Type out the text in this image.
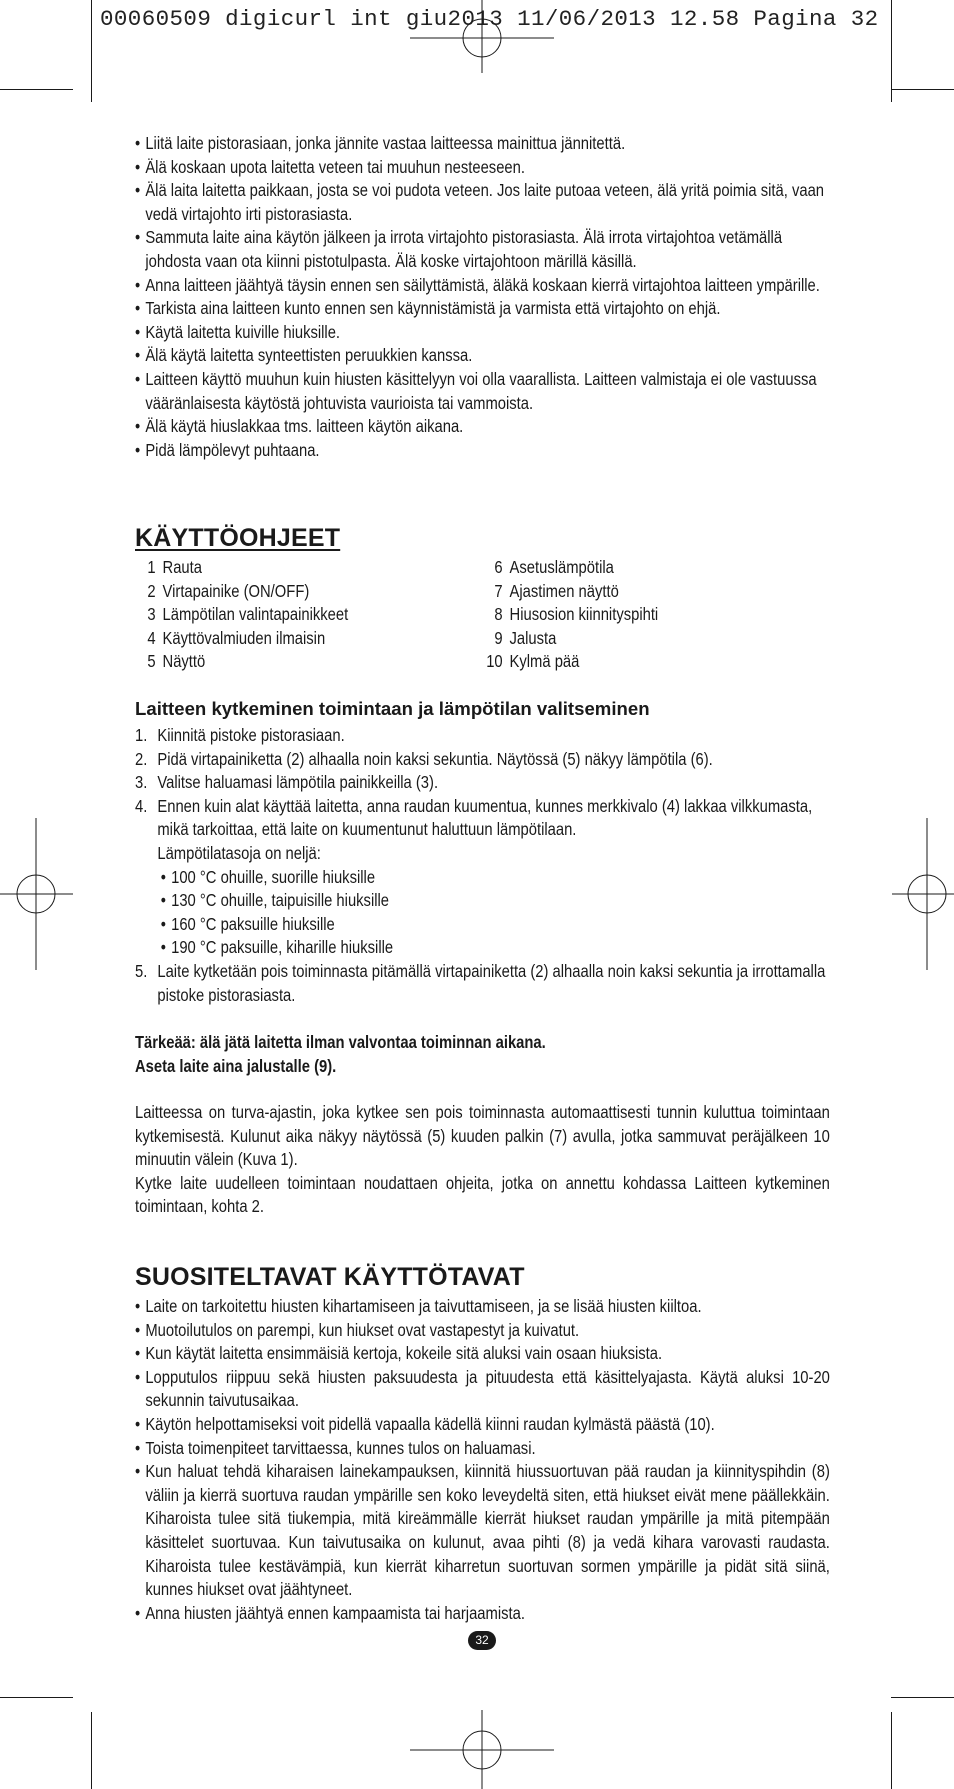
00060509 digicurl int giu2013 11/06/2013 12.58 Pagina 32
• Liitä laite pistorasiaan, jonka jännite vastaa laitteessa mainittua jännitettä.
• Älä koskaan upota laitetta veteen tai muuhun nesteeseen.
• Älä laita laitetta paikkaan, josta se voi pudota veteen. Jos laite putoaa veteen, älä yritä poimia sitä, vaan vedä virtajohto irti pistorasiasta.
• Sammuta laite aina käytön jälkeen ja irrota virtajohto pistorasiasta. Älä irrota virtajohtoa vetämällä johdosta vaan ota kiinni pistotulpasta. Älä koske virtajohtoon märillä käsillä.
• Anna laitteen jäähtyä täysin ennen sen säilyttämistä, äläkä koskaan kierrä virtajohtoa laitteen ympärille.
• Tarkista aina laitteen kunto ennen sen käynnistämistä ja varmista että virtajohto on ehjä.
• Käytä laitetta kuiville hiuksille.
• Älä käytä laitetta synteettisten peruukkien kanssa.
• Laitteen käyttö muuhun kuin hiusten käsittelyyn voi olla vaarallista. Laitteen valmistaja ei ole vastuussa vääränlaisesta käytöstä johtuvista vaurioista tai vammoista.
• Älä käytä hiuslakkaa tms. laitteen käytön aikana.
• Pidä lämpölevyt puhtaana.
KÄYTTÖOHJEET
1 Rauta
2 Virtapainike (ON/OFF)
3 Lämpötilan valintapainikkeet
4 Käyttövalmiuden ilmaisin
5 Näyttö
6 Asetuslämpötila
7 Ajastimen näyttö
8 Hiusosion kiinnityspihti
9 Jalusta
10 Kylmä pää
Laitteen kytkeminen toimintaan ja lämpötilan valitseminen
1. Kiinnitä pistoke pistorasiaan.
2. Pidä virtapainiketta (2) alhaalla noin kaksi sekuntia. Näytössä (5) näkyy lämpötila (6).
3. Valitse haluamasi lämpötila painikkeilla (3).
4. Ennen kuin alat käyttää laitetta, anna raudan kuumentua, kunnes merkkivalo (4) lakkaa vilkkumasta, mikä tarkoittaa, että laite on kuumentunut haluttuun lämpötilaan.
Lämpötilatasoja on neljä:
• 100 °C ohuille, suorille hiuksille
• 130 °C ohuille, taipuisille hiuksille
• 160 °C paksuille hiuksille
• 190 °C paksuille, kiharille hiuksille
5. Laite kytketään pois toiminnasta pitämällä virtapainiketta (2) alhaalla noin kaksi sekuntia ja irrottamalla pistoke pistorasiasta.
Tärkeää: älä jätä laitetta ilman valvontaa toiminnan aikana.
Aseta laite aina jalustalle (9).
Laitteessa on turva-ajastin, joka kytkee sen pois toiminnasta automaattisesti tunnin kuluttua toimintaan kytkemisestä. Kulunut aika näkyy näytössä (5) kuuden palkin (7) avulla, jotka sammuvat peräjälkeen 10 minuutin välein (Kuva 1).
Kytke laite uudelleen toimintaan noudattaen ohjeita, jotka on annettu kohdassa Laitteen kytkeminen toimintaan, kohta 2.
SUOSITELTAVAT KÄYTTÖTAVAT
• Laite on tarkoitettu hiusten kihartamiseen ja taivuttamiseen, ja se lisää hiusten kiiltoa.
• Muotoilutulos on parempi, kun hiukset ovat vastapestyt ja kuivatut.
• Kun käytät laitetta ensimmäisiä kertoja, kokeile sitä aluksi vain osaan hiuksista.
• Lopputulos riippuu sekä hiusten paksuudesta ja pituudesta että käsittelyajasta. Käytä aluksi 10-20 sekunnin taivutusaikaa.
• Käytön helpottamiseksi voit pidellä vapaalla kädellä kiinni raudan kylmästä päästä (10).
• Toista toimenpiteet tarvittaessa, kunnes tulos on haluamasi.
• Kun haluat tehdä kiharaisen lainekampauksen, kiinnitä hiussuortuvan pää raudan ja kiinnityspihdin (8) väliin ja kierrä suortuva raudan ympärille sen koko leveydeltä siten, että hiukset eivät mene päällekkäin. Kiharoista tulee sitä tiukempia, mitä kireämmälle kierrät hiukset raudan ympärille ja mitä pitempään käsittelet suortuvaa. Kun taivutusaika on kulunut, avaa pihti (8) ja vedä kihara varovasti raudasta. Kiharoista tulee kestävämpiä, kun kierrät kiharretun suortuvan sormen ympärille ja pidät sitä siinä, kunnes hiukset ovat jäähtyneet.
• Anna hiusten jäähtyä ennen kampaamista tai harjaamista.
32
